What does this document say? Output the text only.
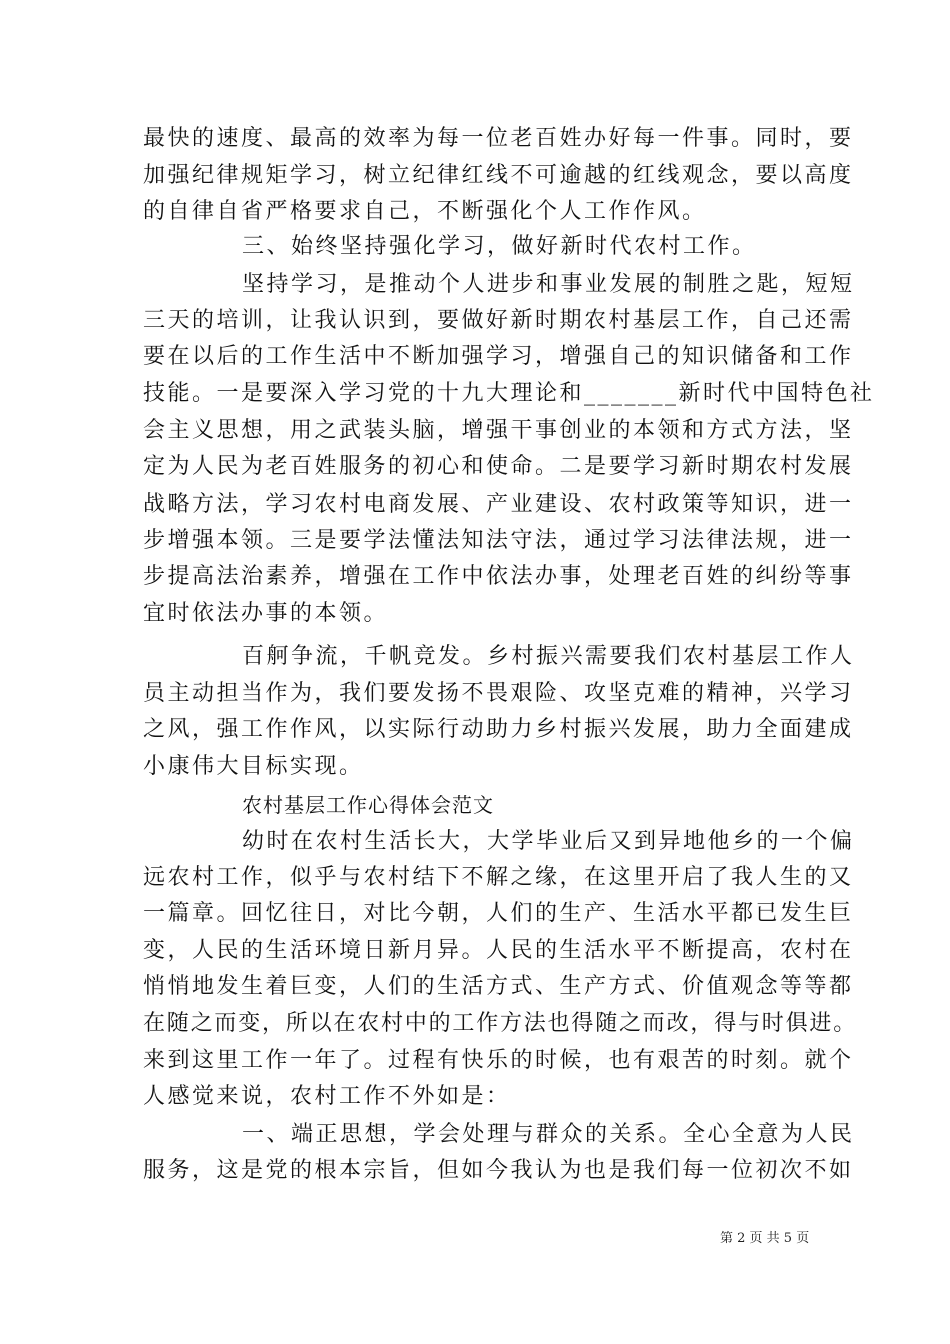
最快的速度、最高的效率为每一位老百姓办好每一件事。同时，要
加强纪律规矩学习，树立纪律红线不可逾越的红线观念，要以高度
的自律自省严格要求自己，不断强化个人工作作风。
三、始终坚持强化学习，做好新时代农村工作。
坚持学习，是推动个人进步和事业发展的制胜之匙，短短
三天的培训，让我认识到，要做好新时期农村基层工作，自己还需
要在以后的工作生活中不断加强学习，增强自己的知识储备和工作
技能。一是要深入学习党的十九大理论和_______新时代中国特色社
会主义思想，用之武装头脑，增强干事创业的本领和方式方法，坚
定为人民为老百姓服务的初心和使命。二是要学习新时期农村发展
战略方法，学习农村电商发展、产业建设、农村政策等知识，进一
步增强本领。三是要学法懂法知法守法，通过学习法律法规，进一
步提高法治素养，增强在工作中依法办事，处理老百姓的纠纷等事
宜时依法办事的本领。
百舸争流，千帆竞发。乡村振兴需要我们农村基层工作人
员主动担当作为，我们要发扬不畏艰险、攻坚克难的精神，兴学习
之风，强工作作风，以实际行动助力乡村振兴发展，助力全面建成
小康伟大目标实现。
农村基层工作心得体会范文
幼时在农村生活长大，大学毕业后又到异地他乡的一个偏
远农村工作，似乎与农村结下不解之缘，在这里开启了我人生的又
一篇章。回忆往日，对比今朝，人们的生产、生活水平都已发生巨
变，人民的生活环境日新月异。人民的生活水平不断提高，农村在
悄悄地发生着巨变，人们的生活方式、生产方式、价值观念等等都
在随之而变，所以在农村中的工作方法也得随之而改，得与时俱进。
来到这里工作一年了。过程有快乐的时候，也有艰苦的时刻。就个
人感觉来说，农村工作不外如是：
一、端正思想，学会处理与群众的关系。全心全意为人民
服务，这是党的根本宗旨，但如今我认为也是我们每一位初次不如
第 2 页 共 5 页
